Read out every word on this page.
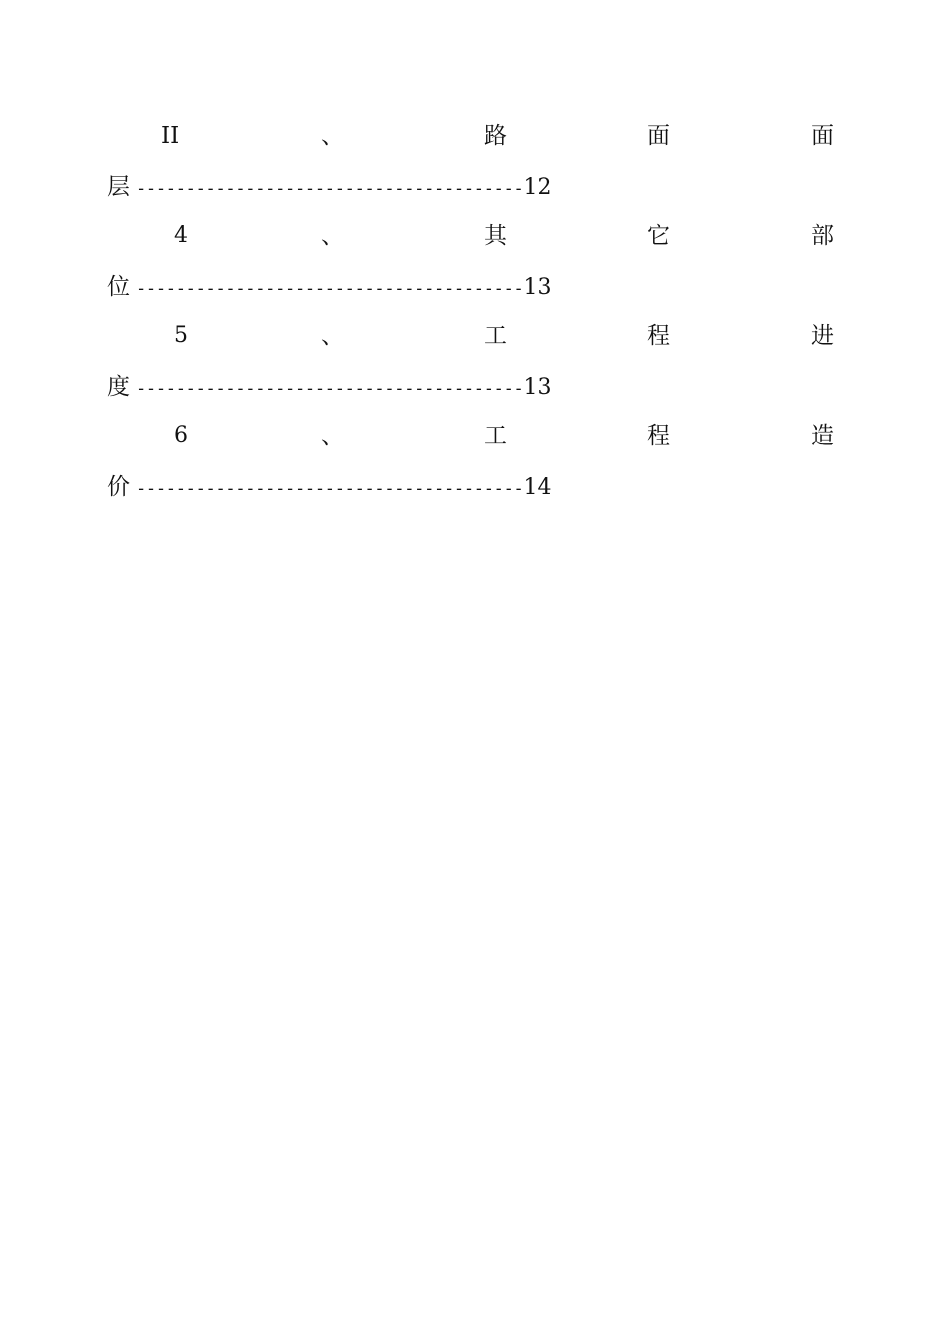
II	、	路	面	面
层 ---------------------------------------12
4	、	其	它	部
位 ---------------------------------------13
5	、	工	程	进
度 ---------------------------------------13
6	、	工	程	造
价 ---------------------------------------14
